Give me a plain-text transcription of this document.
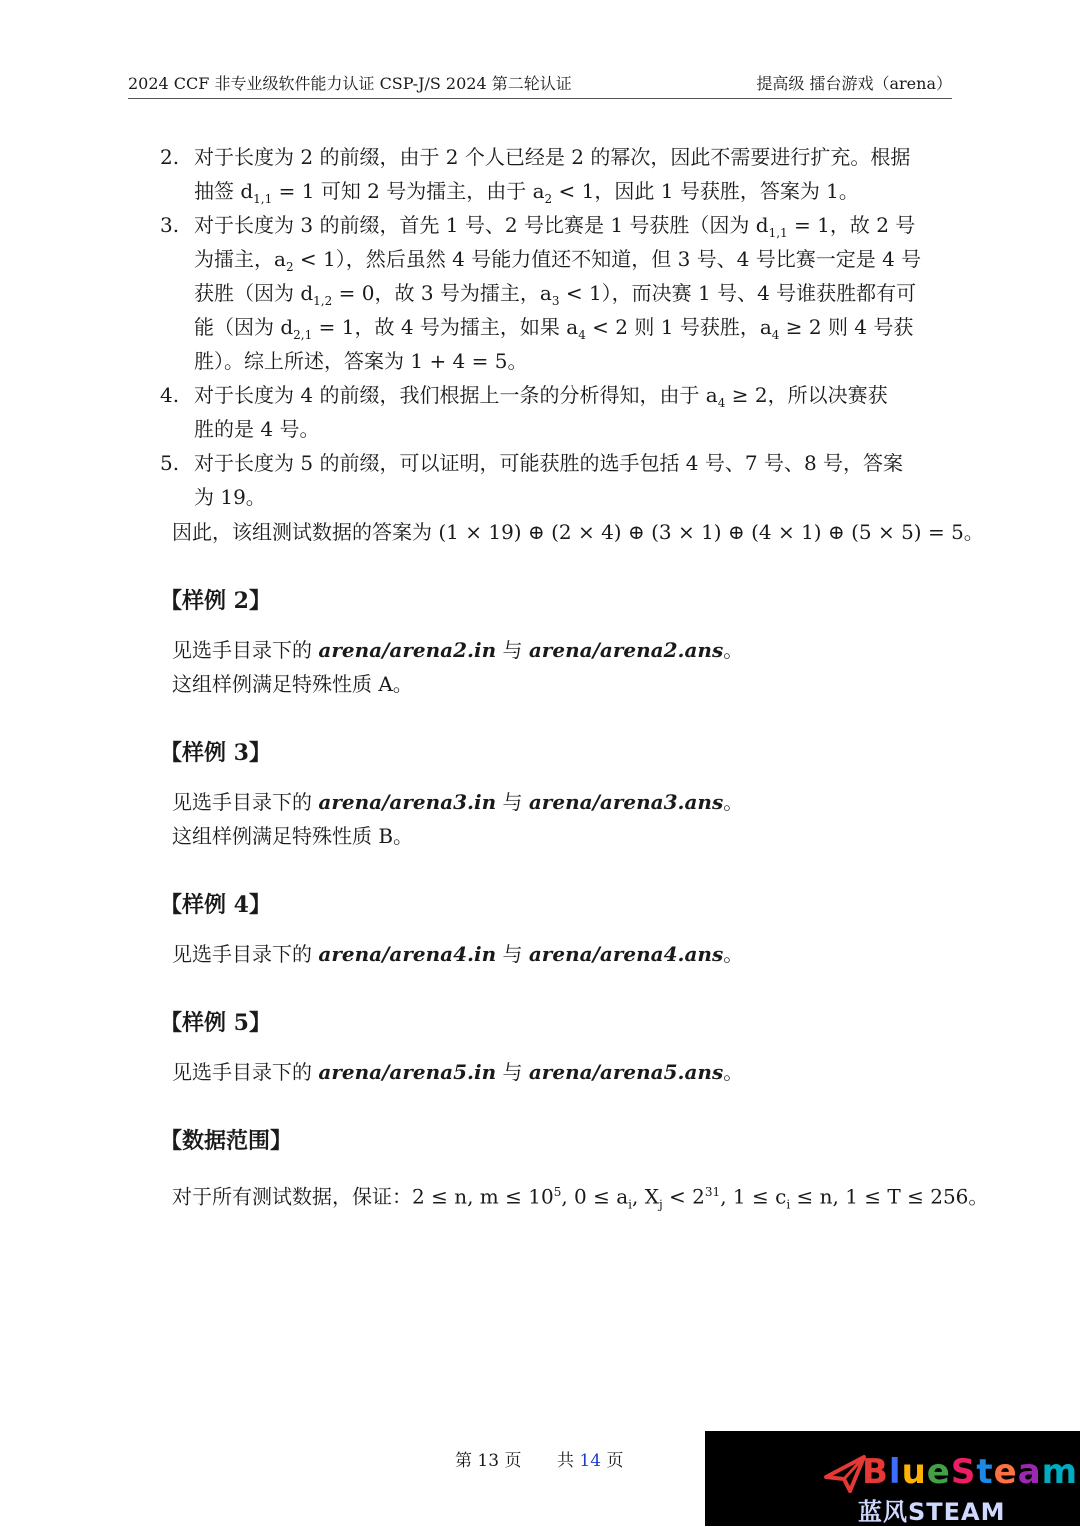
2024 CCF 非专业级软件能力认证 CSP-J/S 2024 第二轮认证	提高级 擂台游戏（arena）
2. 对于长度为 2 的前缀，由于 2 个人已经是 2 的幂次，因此不需要进行扩充。根据
抽签 $d_{1,1} = 1$ 可知 2 号为擂主，由于 $a_2 < 1$，因此 1 号获胜，答案为 1。
3. 对于长度为 3 的前缀，首先 1 号、2 号比赛是 1 号获胜（因为 $d_{1,1} = 1$，故 2 号
为擂主，$a_2 < 1$），然后虽然 4 号能力值还不知道，但 3 号、4 号比赛一定是 4 号
获胜（因为 $d_{1,2} = 0$，故 3 号为擂主，$a_3 < 1$），而决赛 1 号、4 号谁获胜都有可
能（因为 $d_{2,1} = 1$，故 4 号为擂主，如果 $a_4 < 2$ 则 1 号获胜，$a_4 \ge 2$ 则 4 号获
胜）。综上所述，答案为 1 + 4 = 5。
4. 对于长度为 4 的前缀，我们根据上一条的分析得知，由于 $a_4 \ge 2$，所以决赛获
胜的是 4 号。
5. 对于长度为 5 的前缀，可以证明，可能获胜的选手包括 4 号、7 号、8 号，答案
为 19。
因此，该组测试数据的答案为 (1 × 19) ⊕ (2 × 4) ⊕ (3 × 1) ⊕ (4 × 1) ⊕ (5 × 5) = 5。
【样例 2】
见选手目录下的 arena/arena2.in 与 arena/arena2.ans。
这组样例满足特殊性质 A。
【样例 3】
见选手目录下的 arena/arena3.in 与 arena/arena3.ans。
这组样例满足特殊性质 B。
【样例 4】
见选手目录下的 arena/arena4.in 与 arena/arena4.ans。
【样例 5】
见选手目录下的 arena/arena5.in 与 arena/arena5.ans。
【数据范围】
对于所有测试数据，保证：2 ≤ n, $m \le 10^5$, $0 \le a_i$, $X_j < 2^{31}$, $1 \le c_i \le n$, 1 ≤ T ≤ 256。
第 13 页 共 14 页	BlueSteam
蓝风STEAM
